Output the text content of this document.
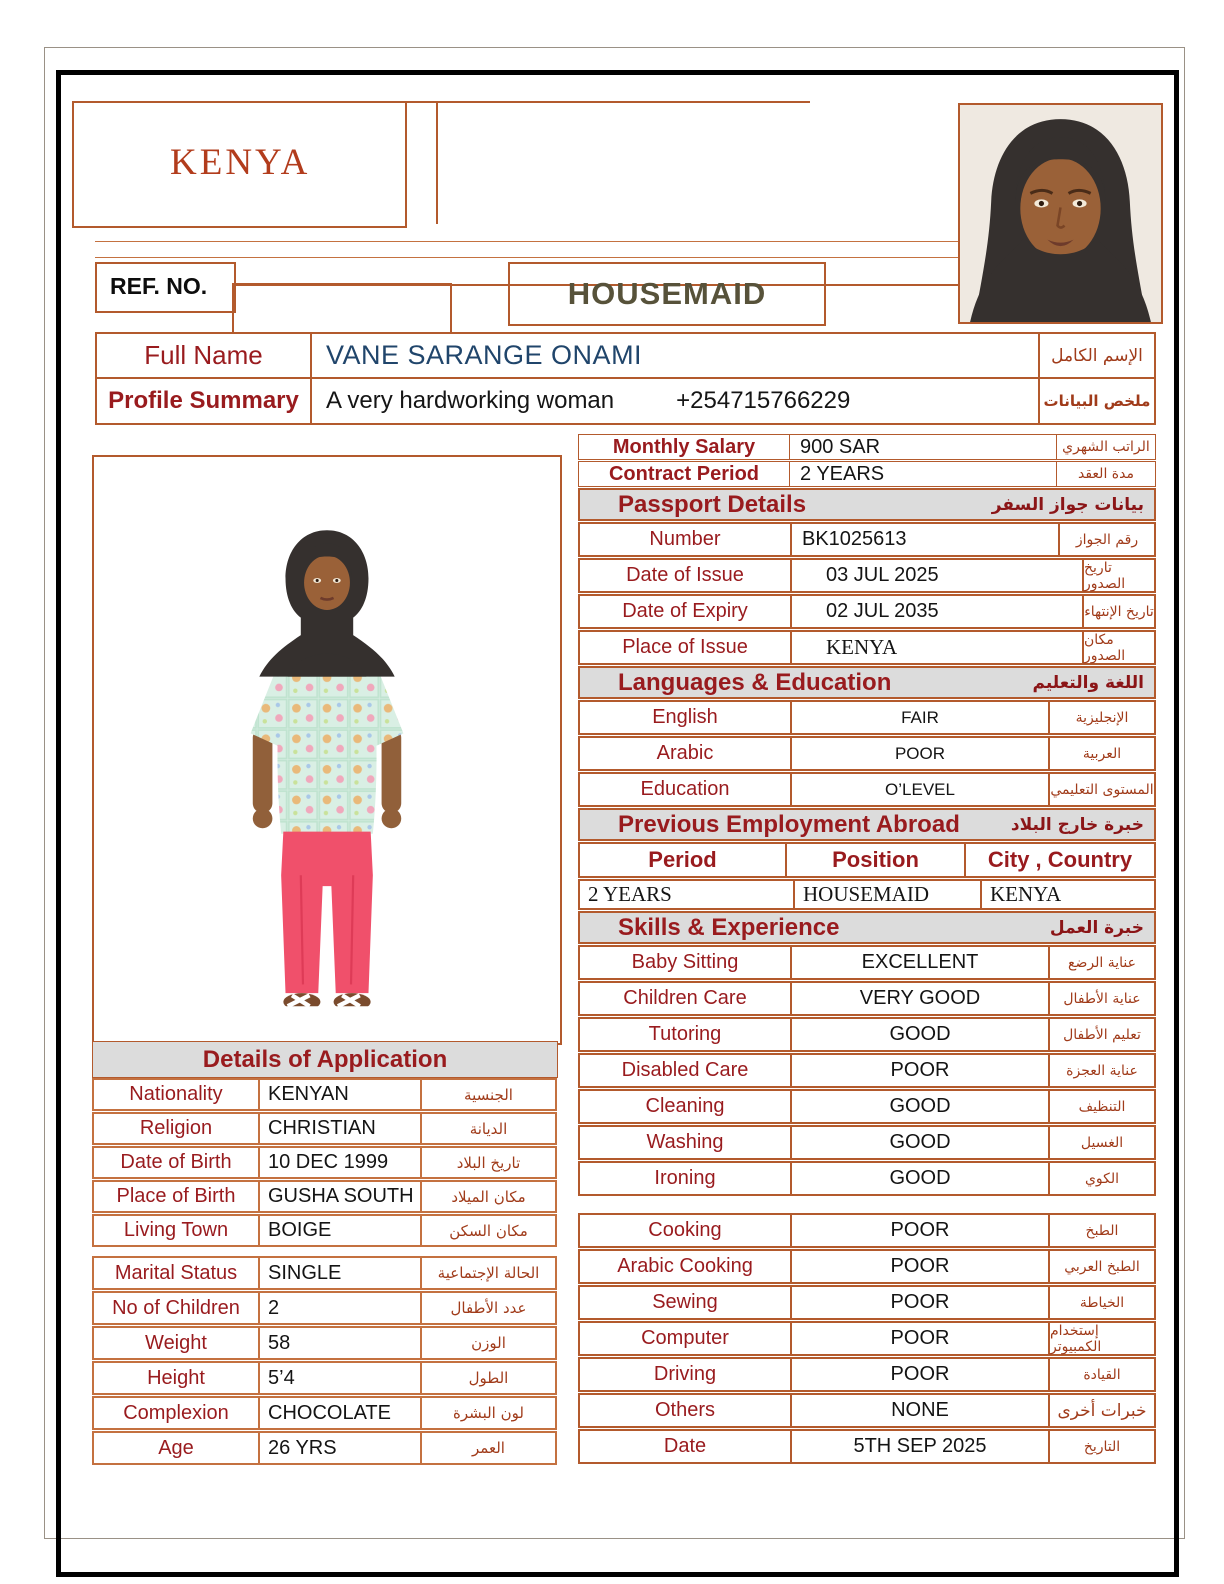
KENYA
REF. NO.	HOUSEMAID
Full Name	VANE SARANGE ONAMI	الإسم الكامل
Profile Summary	A very hardworking woman	+254715766229	ملخص البيانات
Details of Application
Nationality	KENYAN	الجنسية
Religion	CHRISTIAN	الديانة
Date of Birth	10 DEC 1999	تاريخ البلاد
Place of Birth	GUSHA SOUTH	مكان الميلاد
Living Town	BOIGE	مكان السكن
Marital Status	SINGLE	الحالة الإجتماعية
No of Children	2	عدد الأطفال
Weight	58	الوزن
Height	5’4	الطول
Complexion	CHOCOLATE	لون البشرة
Age	26 YRS	العمر
Monthly Salary	900 SAR	الراتب الشهري
Contract Period	2 YEARS	مدة العقد
Passport Details	بيانات جواز السفر
Number	BK1025613	رقم الجواز
Date of Issue	03 JUL 2025	تاريخ الصدور
Date of Expiry	02 JUL 2035	تاريخ الإنتهاء
Place of Issue	KENYA	مكان الصدور
Languages & Education	اللغة والتعليم
English	FAIR	الإنجليزية
Arabic	POOR	العربية
Education	O’LEVEL	المستوى التعليمي
Previous Employment Abroad	خبرة خارج البلاد
Period	Position	City , Country
2 YEARS	HOUSEMAID	KENYA
Skills & Experience	خبرة العمل
Baby Sitting	EXCELLENT	عناية الرضع
Children Care	VERY GOOD	عناية الأطفال
Tutoring	GOOD	تعليم الأطفال
Disabled Care	POOR	عناية العجزة
Cleaning	GOOD	التنظيف
Washing	GOOD	الغسيل
Ironing	GOOD	الكوي
Cooking	POOR	الطبخ
Arabic Cooking	POOR	الطبخ العربي
Sewing	POOR	الخياطة
Computer	POOR	إستخدام الكمبيوتر
Driving	POOR	القيادة
Others	NONE	خبرات أخرى
Date	5TH SEP 2025	التاريخ
